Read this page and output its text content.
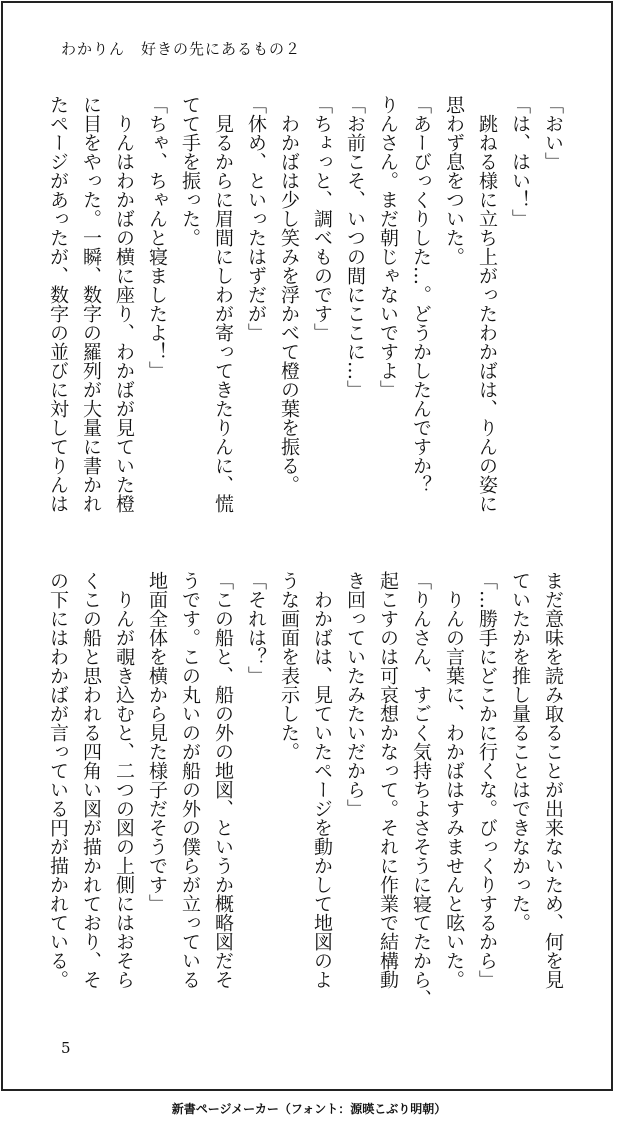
わかりん　好きの先にあるもの２
「おい」
「は、はい！」
　跳ねる様に立ち上がったわかばは、りんの姿に
思わず息をついた。
「あーびっくりした…。どうかしたんですか？
りんさん。まだ朝じゃないですよ」
「お前こそ、いつの間にここに…」
「ちょっと、調べものです」
　わかばは少し笑みを浮かべて橙の葉を振る。
「休め、といったはずだが」
　見るからに眉間にしわが寄ってきたりんに、慌
てて手を振った。
「ちゃ、ちゃんと寝ましたよ！」
　りんはわかばの横に座り、わかばが見ていた橙
に目をやった。一瞬、数字の羅列が大量に書かれ
たページがあったが、数字の並びに対してりんは
まだ意味を読み取ることが出来ないため、何を見
ていたかを推し量ることはできなかった。
「…勝手にどこかに行くな。びっくりするから」
　りんの言葉に、わかばはすみませんと呟いた。
「りんさん、すごく気持ちよさそうに寝てたから、
起こすのは可哀想かなって。それに作業で結構動
き回っていたみたいだから」
　わかばは、見ていたページを動かして地図のよ
うな画面を表示した。
「それは？」
「この船と、船の外の地図、というか概略図だそ
うです。この丸いのが船の外の僕らが立っている
地面全体を横から見た様子だそうです」
　りんが覗き込むと、二つの図の上側にはおそら
くこの船と思われる四角い図が描かれており、そ
の下にはわかばが言っている円が描かれている。
5
新書ページメーカー（フォント：源暎こぶり明朝）
